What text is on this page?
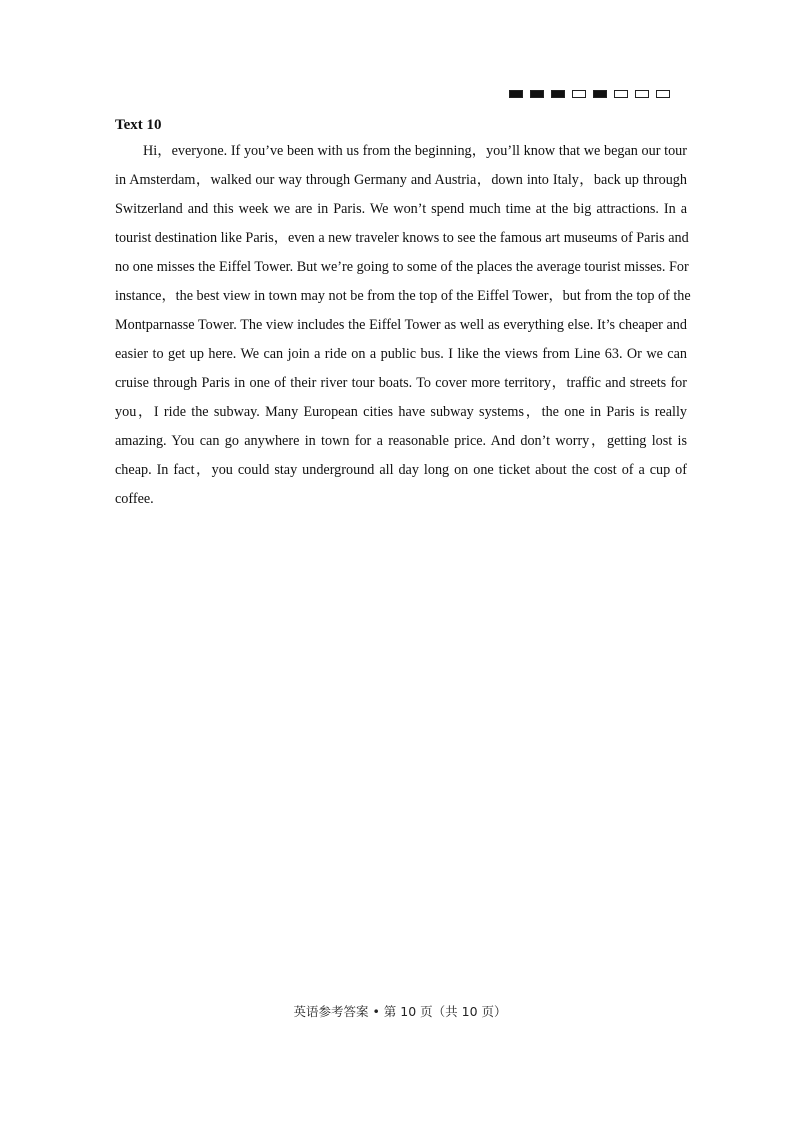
Text 10
Hi，everyone. If you’ve been with us from the beginning，you’ll know that we began our tour
in Amsterdam，walked our way through Germany and Austria，down into Italy，back up through
Switzerland and this week we are in Paris. We won’t spend much time at the big attractions. In a
tourist destination like Paris，even a new traveler knows to see the famous art museums of Paris and
no one misses the Eiffel Tower. But we’re going to some of the places the average tourist misses. For
instance，the best view in town may not be from the top of the Eiffel Tower，but from the top of the
Montparnasse Tower. The view includes the Eiffel Tower as well as everything else. It’s cheaper and
easier to get up here. We can join a ride on a public bus. I like the views from Line 63. Or we can
cruise through Paris in one of their river tour boats. To cover more territory，traffic and streets for
you，I ride the subway. Many European cities have subway systems，the one in Paris is really
amazing. You can go anywhere in town for a reasonable price. And don’t worry，getting lost is
cheap. In fact，you could stay underground all day long on one ticket about the cost of a cup of
coffee.
英语参考答案 • 第 10 页（共 10 页）
